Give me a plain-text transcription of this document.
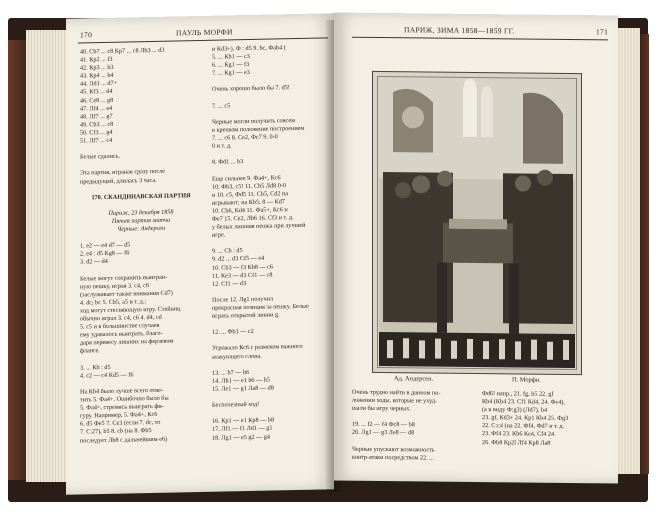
170	ПАУЛЬ МОРФИ
40. Сb7 ... c8 Кр7 ... c8 Лb3 ... d3
41. Кр2 ... f3
42. Кр3 ... b3
43. Кр4 ... b4
44. Лd1 ... d7+
45. Кf3 ... d4
46. Сe8 ... g8
47. Лf4 ... e4
48. Лf7 ... g7
49. Сb3 ... c8
50. Сf3 ... g4
51. Лf7 ... c4
Белые сдались.
Эта партия, играная сразу после
предыдущей, длилась 3 часа.
170. СКАНДИНАВСКАЯ ПАРТИЯ
Париж, 23 декабря 1858
Пятая партия матча
Черные: Андерсен
1. e2 — e4 d7 — d5
2. e4 : d5 Кg8 — f6
3. d2 — d4
Белые могут сохранить выигран-
ную пешку, играя 3. c4, c6
(заслуживает также внимания Сd7)
4. dc, bc 5. Сb5, a5 и т. д.;
ход могут стесняющую игру. Стейниц
обычно играл 3. c4, c6 4. d4, cd
5. c5 и в большинстве случаев
ему удавалось выиграть, благо-
даря перевесу лишних на ферзевом
фланге.
3. ... Кb : d5
4. c2 — c4 Кd5 — f6
На Кb4 было лучше всего отве-
тить 5. Фа4+. Ошибочно было бы
5. Фа4+, стремясь выиграть фи-
гуру. Например, 5. Фа4+, Кc6
6. d5 Фe5 7. Сe3 (если 7. dc, то
7. С:27), b5 8. cb (на 8. Фb5
последует Лb8 с дальнейшим e6)
и Кd3+), Ф : d5 9. bc, Фаb4 (
5. ... Кb1 — c3
6. ... Кg1 — f3
7. ... Кg1 — e3
Очень хорошо было бы 7. d5!
7. ... c5
Черные могли получить совсем
в крепком положение построением
7. ... c6 8. Сe2, Фc7 9. 0-0
0 и т. д.
8. Фd1 ... b3
Еще сильнее 9. Фа4+, Кc6
10. Фb3, c5! 11. Сb5 Лd8 0-0
и 10. c5, Фd5 11. Сb5, Сd2 на
игрывают; на Кb5, 8 — Кd7
10. Сb6, Кd4 11. Фa5+, Кc6 и
Фe7 15. Сe2, Лb6 16. Сf3 и т. д.
у белых лишняя пешка при лучшей
игре.
9. ... Сb : d5
9. d2 ... d3 Сf5 — e4
10. Сb3 — f3 Кb8 — c6
11. Кe3 — d3 Сf1 — c8
12. Сf1 — d3
После 12. Лg1 получил
прекрасная позиция за пешку. Белые
играть открытой линии g.
12. ... Фb3 — c2
Угрожало Кс6 с размеком важного
атакующего слона.
13. ... b7 — b6
14. Лh1 — e1 h6 — h5
15. Лe1 — g1 Лa8 — d8
Бесполезный ход!
16. Кр1 — e1 Кр8 — b8
17. Лf1 — f1 Лd1 — g1
18. Лg1 — e5 g2 — g4
ПАРИЖ, ЗИМА 1858—1859 ГГ.	171
Ад. Андерсен.	П. Морфи.
Очень трудно найти в данном по-
ложении ходы, которые не ухуд-
шали бы игру черных.
19. ... f2 — f4 Фc8 — b8
20. Лg1 — g3 Лe8 — d8
Черные упускают возможность
контр-атаки посредством 22. ...
Фd6! напр., 21. fg, b5 22. gf
Кb4 (Кb4 23. Сf1 Кd4, 24. Фс4),
(а в виду Ф:g3) (Лd7), b4
23. gf, Кd3+ 24. Кр1 Кb4 25. Фg3
22. C:c4 (на 22. Фf4, Фd7 и т. д.
23. Фf4 23. Кb6 Кe4, Cf4 24.
26. Фb8 Кр2l Лf4 Кр8 Лa8
